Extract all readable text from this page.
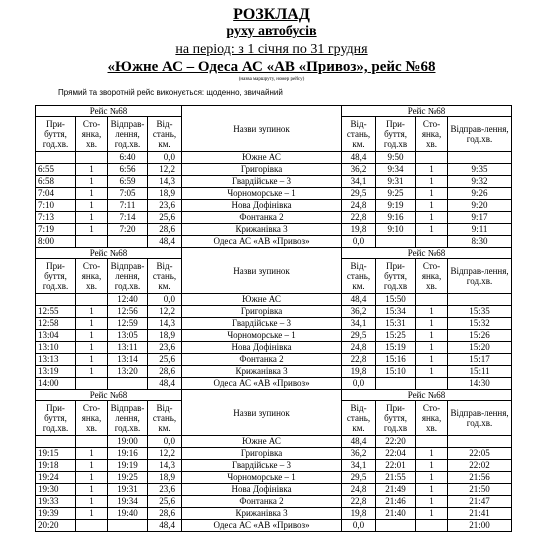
РОЗКЛАД
руху автобусів
на період: з 1 січня по 31 грудня
«Южне АС – Одеса АС «АВ «Привоз», рейс №68
(назва маршруту, номер рейсу)
Прямий та зворотній рейс виконується: щоденно, звичайний
Рейс №68				Назви зупинок	Рейс №68			
При-буття, год.хв.	Сто-янка, хв.	Відправ-лення, год.хв.	Від-стань, км.		Від-стань, км.	При-буття, год.хв	Сто-янка, хв.	Відправ-лення, год.хв.
		6:40	0,0	Южне АС	48,4	9:50		
6:55	1	6:56	12,2	Григорівка	36,2	9:34	1	9:35
6:58	1	6:59	14,3	Гвардійське – 3	34,1	9:31	1	9:32
7:04	1	7:05	18,9	Чорноморське – 1	29,5	9:25	1	9:26
7:10	1	7:11	23,6	Нова Дофінівка	24,8	9:19	1	9:20
7:13	1	7:14	25,6	Фонтанка 2	22,8	9:16	1	9:17
7:19	1	7:20	28,6	Крижанівка 3	19,8	9:10	1	9:11
8:00			48,4	Одеса АС «АВ «Привоз»	0,0			8:30
Рейс №68				Назви зупинок	Рейс №68			
При-буття, год.хв.	Сто-янка, хв.	Відправ-лення, год.хв.	Від-стань, км.		Від-стань, км.	При-буття, год.хв	Сто-янка, хв.	Відправ-лення, год.хв.
		12:40	0,0	Южне АС	48,4	15:50		
12:55	1	12:56	12,2	Григорівка	36,2	15:34	1	15:35
12:58	1	12:59	14,3	Гвардійське – 3	34,1	15:31	1	15:32
13:04	1	13:05	18,9	Чорноморське – 1	29,5	15:25	1	15:26
13:10	1	13:11	23,6	Нова Дофінівка	24,8	15:19	1	15:20
13:13	1	13:14	25,6	Фонтанка 2	22,8	15:16	1	15:17
13:19	1	13:20	28,6	Крижанівка 3	19,8	15:10	1	15:11
14:00			48,4	Одеса АС «АВ «Привоз»	0,0			14:30
Рейс №68				Назви зупинок	Рейс №68			
При-буття, год.хв.	Сто-янка, хв.	Відправ-лення, год.хв.	Від-стань, км.		Від-стань, км.	При-буття, год.хв	Сто-янка, хв.	Відправ-лення, год.хв.
		19:00	0,0	Южне АС	48,4	22:20		
19:15	1	19:16	12,2	Григорівка	36,2	22:04	1	22:05
19:18	1	19:19	14,3	Гвардійське – 3	34,1	22:01	1	22:02
19:24	1	19:25	18,9	Чорноморське – 1	29,5	21:55	1	21:56
19:30	1	19:31	23,6	Нова Дофінівка	24,8	21:49	1	21:50
19:33	1	19:34	25,6	Фонтанка 2	22,8	21:46	1	21:47
19:39	1	19:40	28,6	Крижанівка 3	19,8	21:40	1	21:41
20:20			48,4	Одеса АС «АВ «Привоз»	0,0			21:00
